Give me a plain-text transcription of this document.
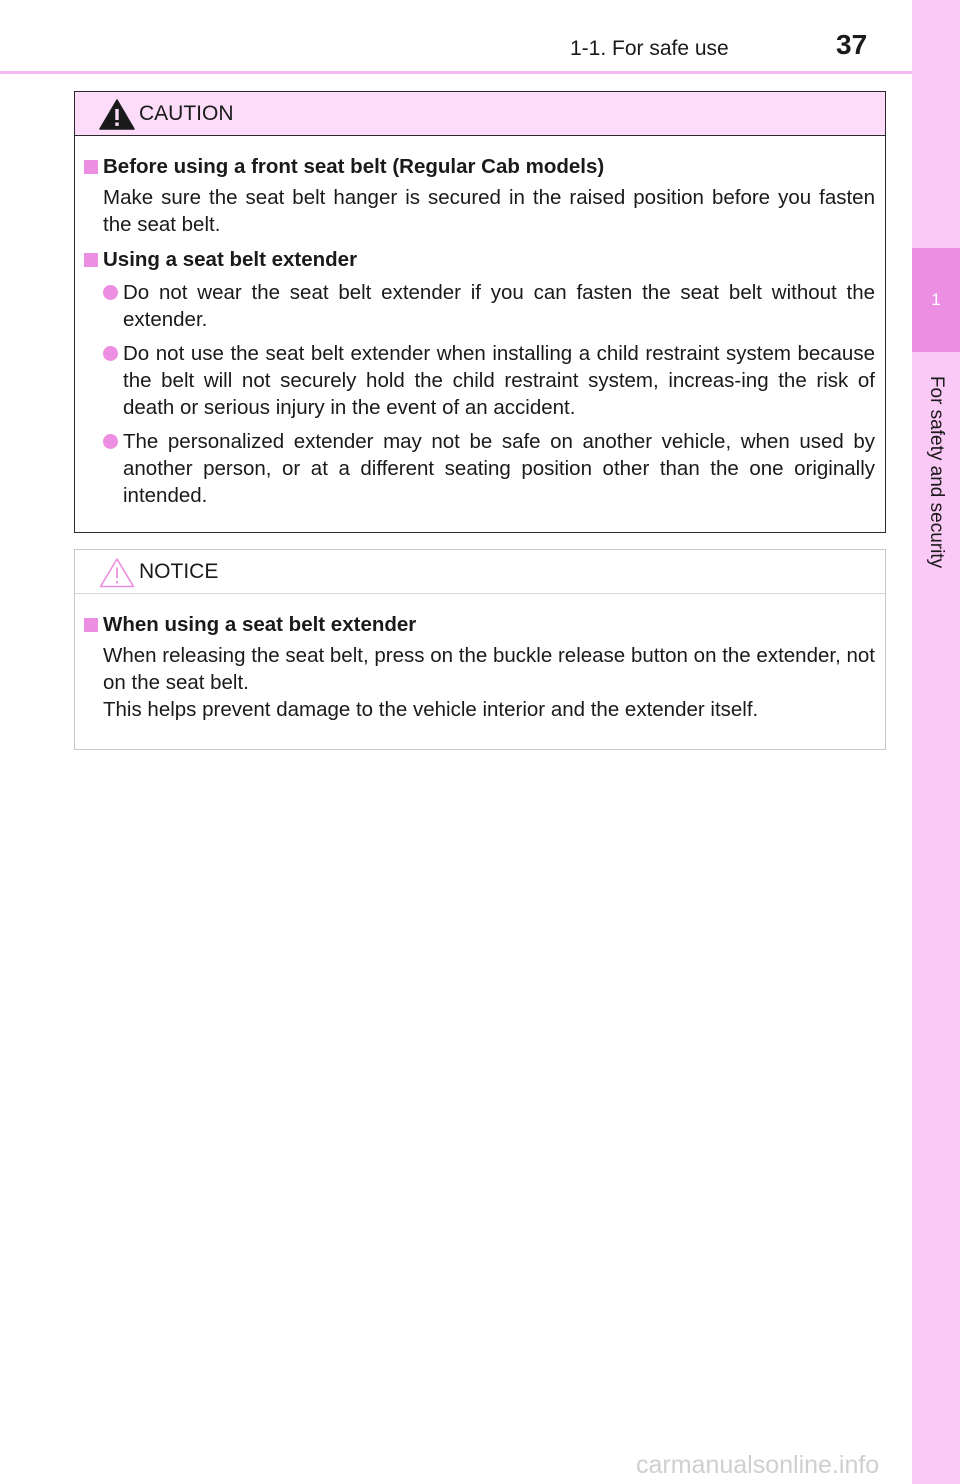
1-1. For safe use	37
1
For safety and security
CAUTION
Before using a front seat belt (Regular Cab models)
Make sure the seat belt hanger is secured in the raised position before you fasten the seat belt.
Using a seat belt extender
Do not wear the seat belt extender if you can fasten the seat belt without the extender.
Do not use the seat belt extender when installing a child restraint system because the belt will not securely hold the child restraint system, increas-ing the risk of death or serious injury in the event of an accident.
The personalized extender may not be safe on another vehicle, when used by another person, or at a different seating position other than the one originally intended.
NOTICE
When using a seat belt extender
When releasing the seat belt, press on the buckle release button on the extender, not on the seat belt.
This helps prevent damage to the vehicle interior and the extender itself.
carmanualsonline.info
